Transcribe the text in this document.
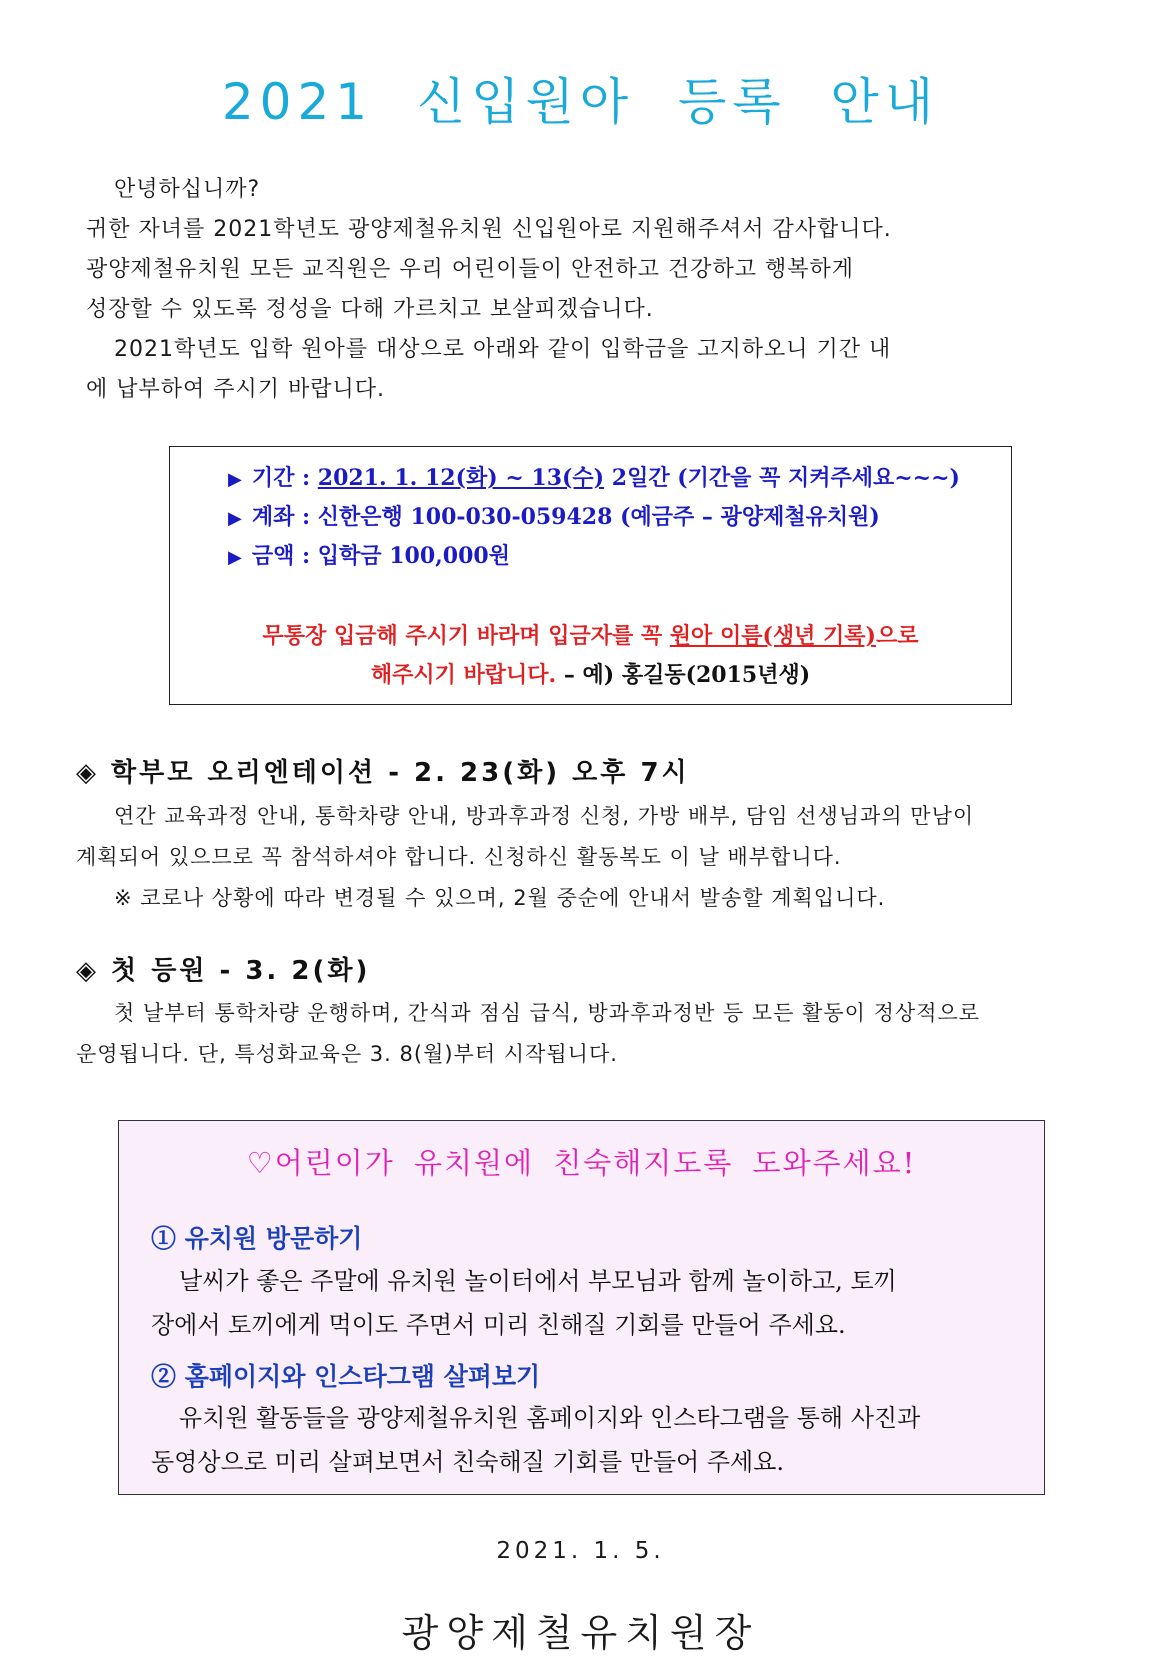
2021 신입원아 등록 안내

안녕하십니까?

귀한 자녀를 2021학년도 광양제철유치원 신입원아로 지원해주셔서 감사합니다.

광양제철유치원 모든 교직원은 우리 어린이들이 안전하고 건강하고 행복하게

성장할 수 있도록 정성을 다해 가르치고 보살피겠습니다.

2021학년도 입학 원아를 대상으로 아래와 같이 입학금을 고지하오니 기간 내

에 납부하여 주시기 바랍니다.

▶ 기간 : 2021. 1. 12(화) ~ 13(수) 2일간 (기간을 꼭 지켜주세요~~~)
▶ 계좌 : 신한은행 100-030-059428 (예금주 – 광양제철유치원)
▶ 금액 : 입학금 100,000원
무통장 입금해 주시기 바라며 입금자를 꼭 원아 이름(생년 기록)으로
해주시기 바랍니다. – 예) 홍길동(2015년생)
◈ 학부모 오리엔테이션 - 2. 23(화) 오후 7시

연간 교육과정 안내, 통학차량 안내, 방과후과정 신청, 가방 배부, 담임 선생님과의 만남이

계획되어 있으므로 꼭 참석하셔야 합니다. 신청하신 활동복도 이 날 배부합니다.

※ 코로나 상황에 따라 변경될 수 있으며, 2월 중순에 안내서 발송할 계획입니다.

◈ 첫 등원 - 3. 2(화)

첫 날부터 통학차량 운행하며, 간식과 점심 급식, 방과후과정반 등 모든 활동이 정상적으로

운영됩니다. 단, 특성화교육은 3. 8(월)부터 시작됩니다.

♡어린이가 유치원에 친숙해지도록 도와주세요!
① 유치원 방문하기

날씨가 좋은 주말에 유치원 놀이터에서 부모님과 함께 놀이하고, 토끼

장에서 토끼에게 먹이도 주면서 미리 친해질 기회를 만들어 주세요.

② 홈페이지와 인스타그램 살펴보기

유치원 활동들을 광양제철유치원 홈페이지와 인스타그램을 통해 사진과

동영상으로 미리 살펴보면서 친숙해질 기회를 만들어 주세요.

2021. 1. 5.
광양제철유치원장
